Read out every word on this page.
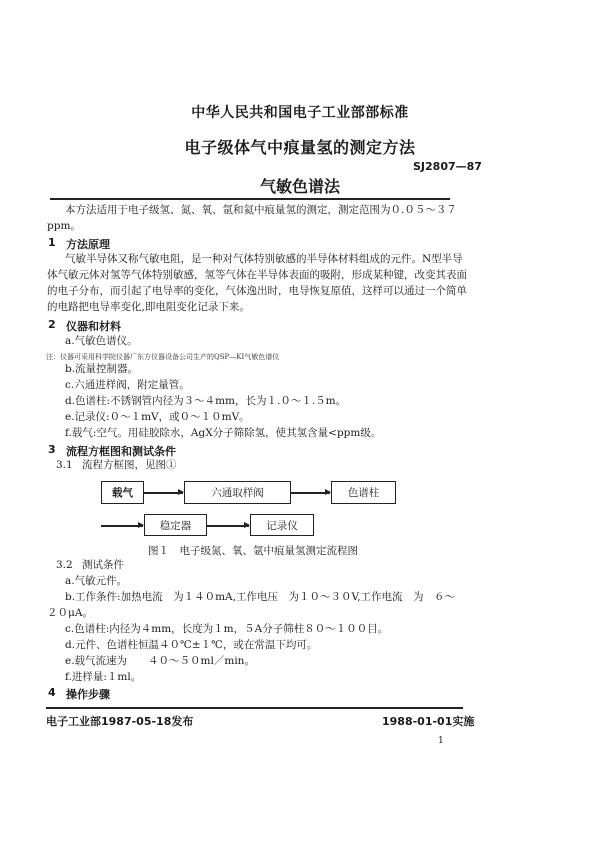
中华人民共和国电子工业部部标准
电子级体气中痕量氢的测定方法
SJ2807—87
气敏色谱法
本方法适用于电子级氢、氮、氧、氩和氦中痕量氢的测定，测定范围为０.０５～３７
ppm。
1 方法原理
气敏半导体又称气敏电阻，是一种对气体特别敏感的半导体材料组成的元件。N型半导
体气敏元体对氢等气体特别敏感，氢等气体在半导体表面的吸附，形成某种键，改变其表面
的电子分布，而引起了电导率的变化，气体逸出时，电导恢复原值，这样可以通过一个简单
的电路把电导率变化,即电阻变化记录下来。
2 仪器和材料
a.气敏色谱仪。
注：仪器可采用科学院仪器厂东方仪器设备公司生产的QSP—KⅠ气敏色谱仪
b.流量控制器。
c.六通进样阀，附定量管。
d.色谱柱:不锈钢管内径为３～４mm，长为１.０～１.５m。
e.记录仪:０～１mV，或０～１０mV。
f.载气:空气。用硅胶除水，AgX分子筛除氢，使其氢含量<ppm级。
3 流程方框图和测试条件
3.1 流程方框图，见图①
载气	六通取样阀	色谱柱
稳定器	记录仪
图１　电子级氮、氧、氩中痕量氢测定流程图
3.2 测试条件
a.气敏元件。
b.工作条件:加热电流　为１４０mA,工作电压　为１０～３０V,工作电流　为　６～
２０μA。
c.色谱柱:内径为４mm，长度为１m，５A分子筛柱８０～１００目。
d.元件、色谱柱恒温４０℃±１℃，或在常温下均可。
e.载气流速为　　４０～５０ml／min。
f.进样量:１ml。
4 操作步骤
电子工业部1987-05-18发布	1988-01-01实施
1
